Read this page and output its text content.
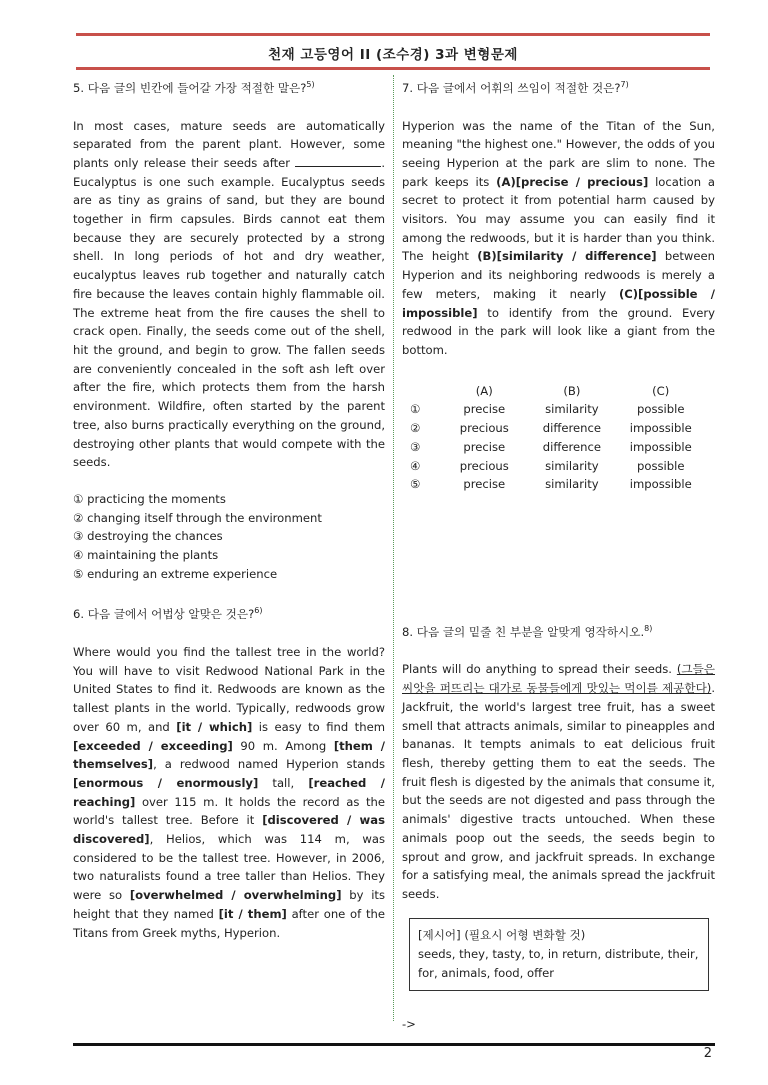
천재 고등영어 II (조수경) 3과 변형문제
5. 다음 글의 빈칸에 들어갈 가장 적절한 말은?$^{5)}$

In most cases, mature seeds are automatically separated from the parent plant. However, some plants only release their seeds after	. Eucalyptus is one such example. Eucalyptus seeds are as tiny as grains of sand, but they are bound together in firm capsules. Birds cannot eat them because they are securely protected by a strong shell. In long periods of hot and dry weather, eucalyptus leaves rub together and naturally catch fire because the leaves contain highly flammable oil. The extreme heat from the fire causes the shell to crack open. Finally, the seeds come out of the shell, hit the ground, and begin to grow. The fallen seeds are conveniently concealed in the soft ash left over after the fire, which protects them from the harsh environment. Wildfire, often started by the parent tree, also burns practically everything on the ground, destroying other plants that would compete with the seeds.

① practicing the moments
② changing itself through the environment
③ destroying the chances
④ maintaining the plants
⑤ enduring an extreme experience
6. 다음 글에서 어법상 알맞은 것은?$^{6)}$

Where would you find the tallest tree in the world? You will have to visit Redwood National Park in the United States to find it. Redwoods are known as the tallest plants in the world. Typically, redwoods grow over 60 m, and [it / which] is easy to find them [exceeded / exceeding] 90 m. Among [them / themselves], a redwood named Hyperion stands [enormous / enormously] tall, [reached / reaching] over 115 m. It holds the record as the world's tallest tree. Before it [discovered / was discovered], Helios, which was 114 m, was considered to be the tallest tree. However, in 2006, two naturalists found a tree taller than Helios. They were so [overwhelmed / overwhelming] by its height that they named [it / them] after one of the Titans from Greek myths, Hyperion.

7. 다음 글에서 어휘의 쓰임이 적절한 것은?$^{7)}$

Hyperion was the name of the Titan of the Sun, meaning "the highest one." However, the odds of you seeing Hyperion at the park are slim to none. The park keeps its (A)[precise / precious] location a secret to protect it from potential harm caused by visitors. You may assume you can easily find it among the redwoods, but it is harder than you think. The height (B)[similarity / difference] between Hyperion and its neighboring redwoods is merely a few meters, making it nearly (C)[possible / impossible] to identify from the ground. Every redwood in the park will look like a giant from the bottom.

	(A)	(B)	(C)
①	precise	similarity	possible
②	precious	difference	impossible
③	precise	difference	impossible
④	precious	similarity	possible
⑤	precise	similarity	impossible
8. 다음 글의 밑줄 친 부분을 알맞게 영작하시오.$^{8)}$

Plants will do anything to spread their seeds. (그들은 씨앗을 퍼뜨리는 대가로 동물들에게 맛있는 먹이를 제공한다). Jackfruit, the world's largest tree fruit, has a sweet smell that attracts animals, similar to pineapples and bananas. It tempts animals to eat delicious fruit flesh, thereby getting them to eat the seeds. The fruit flesh is digested by the animals that consume it, but the seeds are not digested and pass through the animals' digestive tracts untouched. When these animals poop out the seeds, the seeds begin to sprout and grow, and jackfruit spreads. In exchange for a satisfying meal, the animals spread the jackfruit seeds.

[제시어] (필요시 어형 변화할 것)
seeds, they, tasty, to, in return, distribute, their, for, animals, food, offer
->
2
